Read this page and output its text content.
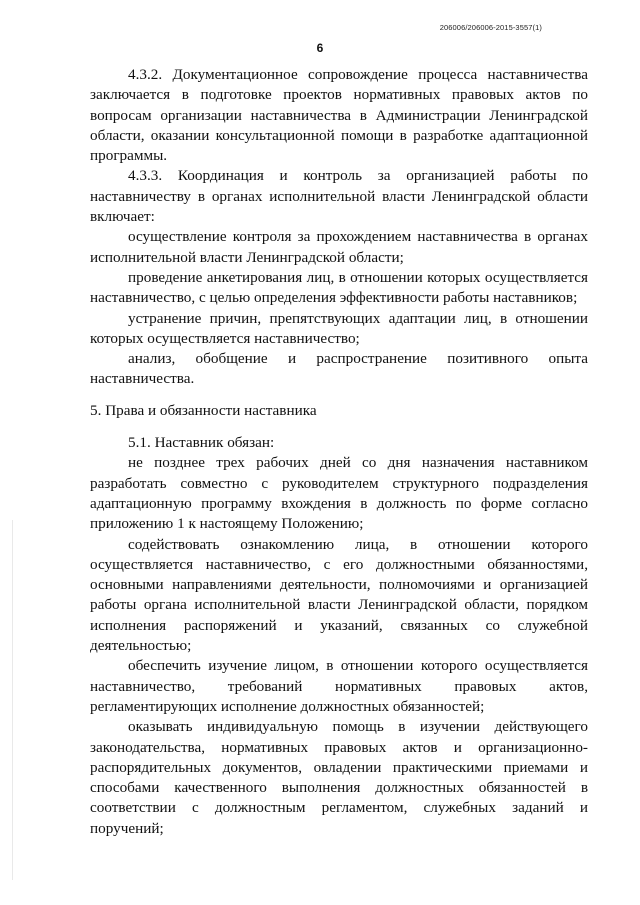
206006/206006-2015-3557(1)
6

4.3.2. Документационное сопровождение процесса наставничества заключается в подготовке проектов нормативных правовых актов по вопросам организации наставничества в Администрации Ленинградской области, оказании консультационной помощи в разработке адаптационной программы.

4.3.3. Координация и контроль за организацией работы по наставничеству в органах исполнительной власти Ленинградской области включает:

осуществление контроля за прохождением наставничества в органах исполнительной власти Ленинградской области;

проведение анкетирования лиц, в отношении которых осуществляется наставничество, с целью определения эффективности работы наставников;

устранение причин, препятствующих адаптации лиц, в отношении которых осуществляется наставничество;

анализ, обобщение и распространение позитивного опыта наставничества.

5. Права и обязанности наставника

5.1. Наставник обязан:

не позднее трех рабочих дней со дня назначения наставником разработать совместно с руководителем структурного подразделения адаптационную программу вхождения в должность по форме согласно приложению 1 к настоящему Положению;

содействовать ознакомлению лица, в отношении которого осуществляется наставничество, с его должностными обязанностями, основными направлениями деятельности, полномочиями и организацией работы органа исполнительной власти Ленинградской области, порядком исполнения распоряжений и указаний, связанных со служебной деятельностью;

обеспечить изучение лицом, в отношении которого осуществляется наставничество, требований нормативных правовых актов, регламентирующих исполнение должностных обязанностей;

оказывать индивидуальную помощь в изучении действующего законодательства, нормативных правовых актов и организационно-распорядительных документов, овладении практическими приемами и способами качественного выполнения должностных обязанностей в соответствии с должностным регламентом, служебных заданий и поручений;
